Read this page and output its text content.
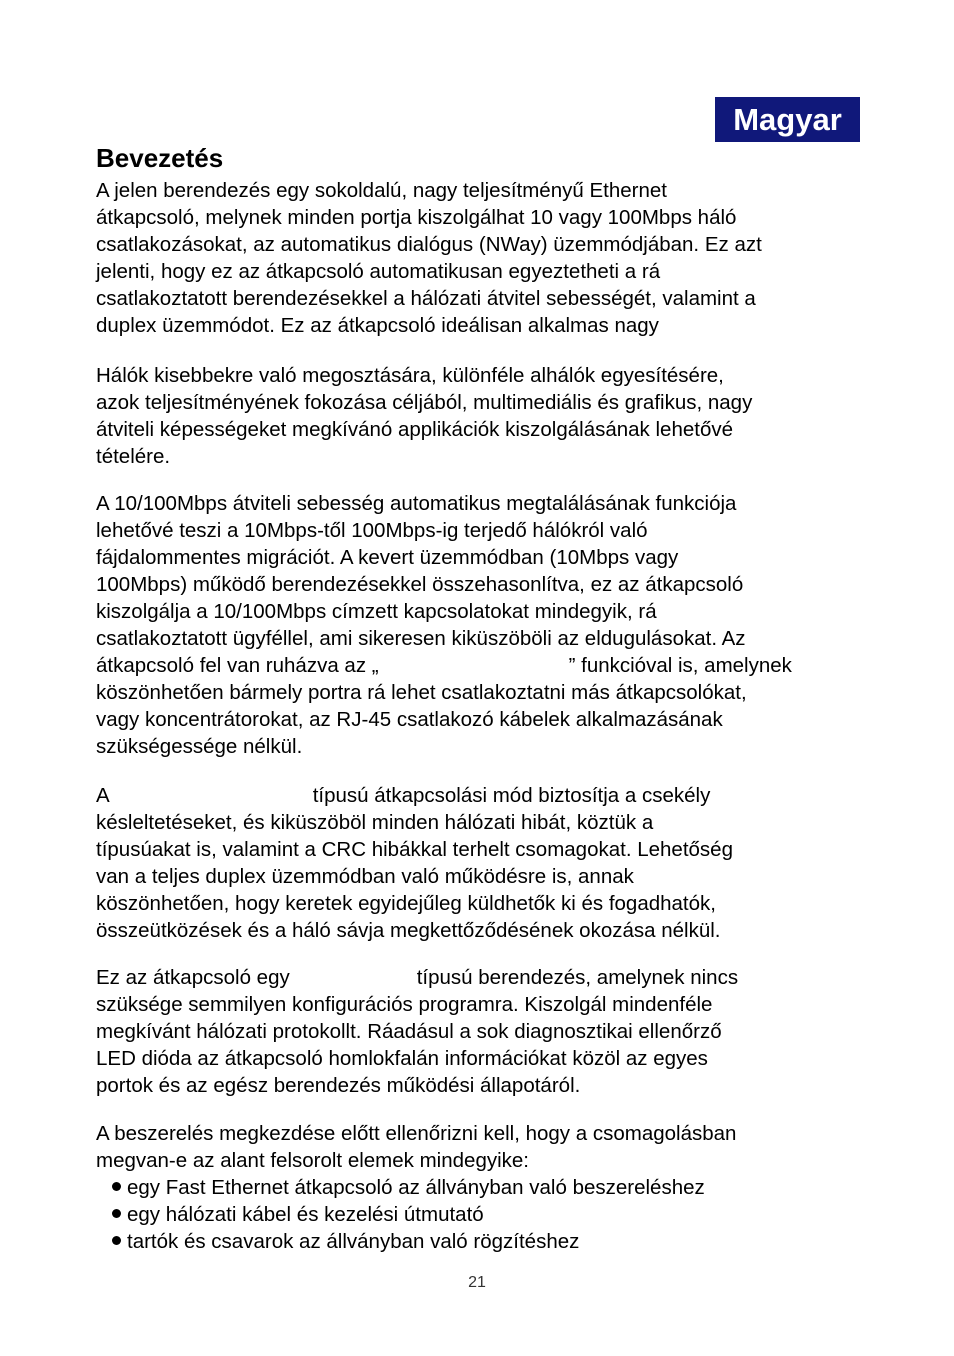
Magyar
Bevezetés

A jelen berendezés egy sokoldalú, nagy teljesítményű Ethernet
átkapcsoló, melynek minden portja kiszolgálhat 10 vagy 100Mbps háló
csatlakozásokat, az automatikus dialógus (NWay) üzemmódjában. Ez azt
jelenti, hogy ez az átkapcsoló automatikusan egyeztetheti a rá
csatlakoztatott berendezésekkel a hálózati átvitel sebességét, valamint a
duplex üzemmódot. Ez az átkapcsoló ideálisan alkalmas nagy

Hálók kisebbekre való megosztására, különféle alhálók egyesítésére,
azok teljesítményének fokozása céljából, multimediális és grafikus, nagy
átviteli képességeket megkívánó applikációk kiszolgálásának lehetővé
tételére.

A 10/100Mbps átviteli sebesség automatikus megtalálásának funkciója
lehetővé teszi a 10Mbps-től 100Mbps-ig terjedő hálókról való
fájdalommentes migrációt. A kevert üzemmódban (10Mbps vagy
100Mbps) működő berendezésekkel összehasonlítva, ez az átkapcsoló
kiszolgálja a 10/100Mbps címzett kapcsolatokat mindegyik, rá
csatlakoztatott ügyféllel, ami sikeresen kiküszöböli az eldugulásokat. Az
átkapcsoló fel van ruházva az „	” funkcióval is, amelynek
köszönhetően bármely portra rá lehet csatlakoztatni más átkapcsolókat,
vagy koncentrátorokat, az RJ-45 csatlakozó kábelek alkalmazásának
szükségessége nélkül.

A	típusú átkapcsolási mód biztosítja a csekély
késleltetéseket, és kiküszöböl minden hálózati hibát, köztük a
típusúakat is, valamint a CRC hibákkal terhelt csomagokat. Lehetőség
van a teljes duplex üzemmódban való működésre is, annak
köszönhetően, hogy keretek egyidejűleg küldhetők ki és fogadhatók,
összeütközések és a háló sávja megkettőződésének okozása nélkül.

Ez az átkapcsoló egy	típusú berendezés, amelynek nincs
szüksége semmilyen konfigurációs programra. Kiszolgál mindenféle
megkívánt hálózati protokollt. Ráadásul a sok diagnosztikai ellenőrző
LED dióda az átkapcsoló homlokfalán információkat közöl az egyes
portok és az egész berendezés működési állapotáról.

A beszerelés megkezdése előtt ellenőrizni kell, hogy a csomagolásban
megvan-e az alant felsorolt elemek mindegyike:

egy Fast Ethernet átkapcsoló az állványban való beszereléshez
egy hálózati kábel és kezelési útmutató
tartók és csavarok az állványban való rögzítéshez
21
